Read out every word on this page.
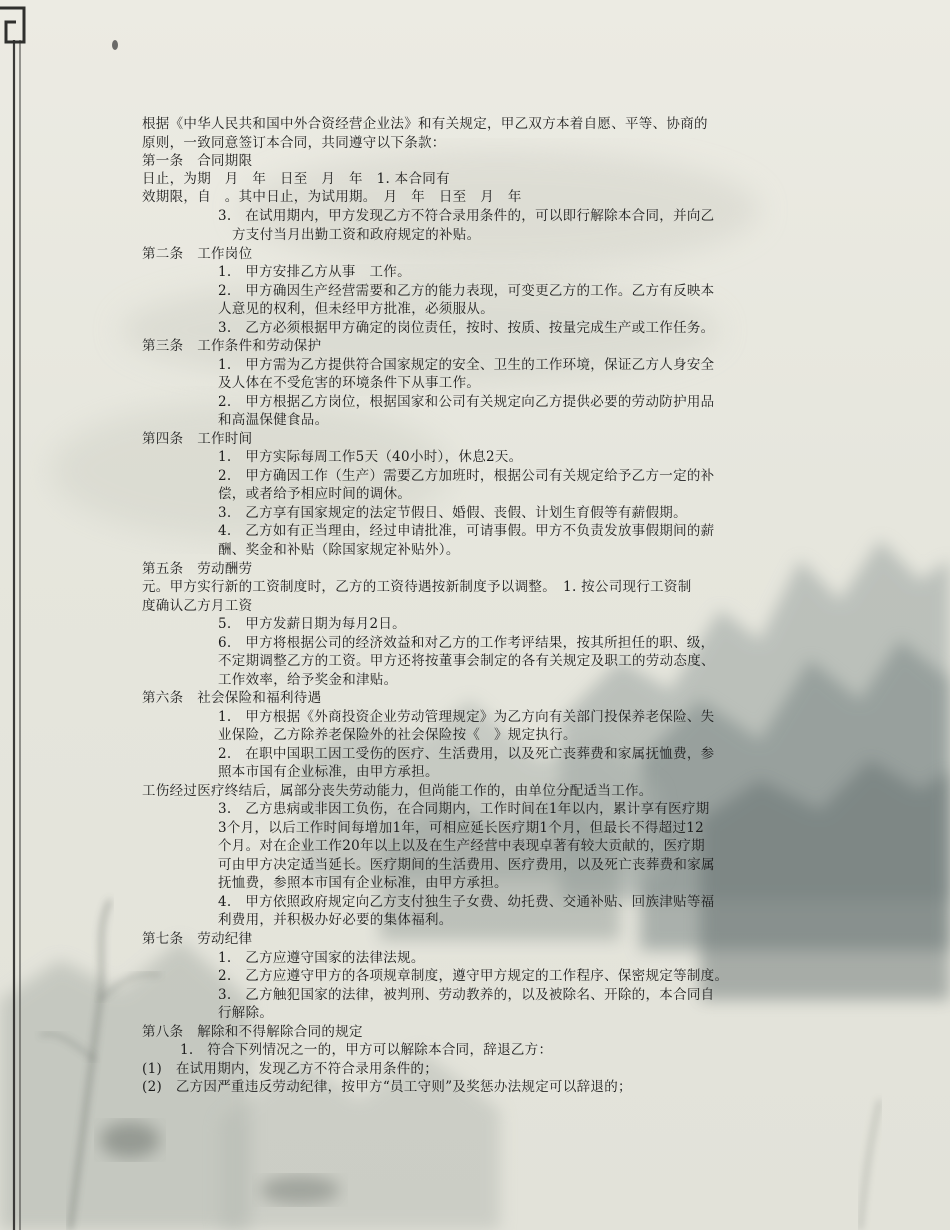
根据《中华人民共和国中外合资经营企业法》和有关规定，甲乙双方本着自愿、平等、协商的
原则，一致同意签订本合同，共同遵守以下条款：
第一条　合同期限
日止，为期　月　年　日至　月　年　1. 本合同有
效期限，自　。其中日止，为试用期。　月　年　日至　月　年
3.　在试用期内，甲方发现乙方不符合录用条件的，可以即行解除本合同，并向乙
方支付当月出勤工资和政府规定的补贴。
第二条　工作岗位
1.　甲方安排乙方从事　工作。
2.　甲方确因生产经营需要和乙方的能力表现，可变更乙方的工作。乙方有反映本
人意见的权利，但未经甲方批准，必须服从。
3.　乙方必须根据甲方确定的岗位责任，按时、按质、按量完成生产或工作任务。
第三条　工作条件和劳动保护
1.　甲方需为乙方提供符合国家规定的安全、卫生的工作环境，保证乙方人身安全
及人体在不受危害的环境条件下从事工作。
2.　甲方根据乙方岗位，根据国家和公司有关规定向乙方提供必要的劳动防护用品
和高温保健食品。
第四条　工作时间
1.　甲方实际每周工作5天（40小时），休息2天。
2.　甲方确因工作（生产）需要乙方加班时，根据公司有关规定给予乙方一定的补
偿，或者给予相应时间的调休。
3.　乙方享有国家规定的法定节假日、婚假、丧假、计划生育假等有薪假期。
4.　乙方如有正当理由，经过申请批准，可请事假。甲方不负责发放事假期间的薪
酬、奖金和补贴（除国家规定补贴外）。
第五条　劳动酬劳
元。甲方实行新的工资制度时，乙方的工资待遇按新制度予以调整。　1. 按公司现行工资制
度确认乙方月工资
5.　甲方发薪日期为每月2日。
6.　甲方将根据公司的经济效益和对乙方的工作考评结果，按其所担任的职、级，
不定期调整乙方的工资。甲方还将按董事会制定的各有关规定及职工的劳动态度、
工作效率，给予奖金和津贴。
第六条　社会保险和福利待遇
1.　甲方根据《外商投资企业劳动管理规定》为乙方向有关部门投保养老保险、失
业保险，乙方除养老保险外的社会保险按《　》规定执行。
2.　在职中国职工因工受伤的医疗、生活费用，以及死亡丧葬费和家属抚恤费，参
照本市国有企业标准，由甲方承担。
工伤经过医疗终结后，属部分丧失劳动能力，但尚能工作的，由单位分配适当工作。
3.　乙方患病或非因工负伤，在合同期内，工作时间在1年以内，累计享有医疗期
3个月，以后工作时间每增加1年，可相应延长医疗期1个月，但最长不得超过12
个月。对在企业工作20年以上以及在生产经营中表现卓著有较大贡献的，医疗期
可由甲方决定适当延长。医疗期间的生活费用、医疗费用，以及死亡丧葬费和家属
抚恤费，参照本市国有企业标准，由甲方承担。
4.　甲方依照政府规定向乙方支付独生子女费、幼托费、交通补贴、回族津贴等福
利费用，并积极办好必要的集体福利。
第七条　劳动纪律
1.　乙方应遵守国家的法律法规。
2.　乙方应遵守甲方的各项规章制度，遵守甲方规定的工作程序、保密规定等制度。
3.　乙方触犯国家的法律，被判刑、劳动教养的，以及被除名、开除的，本合同自
行解除。
第八条　解除和不得解除合同的规定
1.　符合下列情况之一的，甲方可以解除本合同，辞退乙方：
(1)　在试用期内，发现乙方不符合录用条件的；
(2)　乙方因严重违反劳动纪律，按甲方“员工守则”及奖惩办法规定可以辞退的；
